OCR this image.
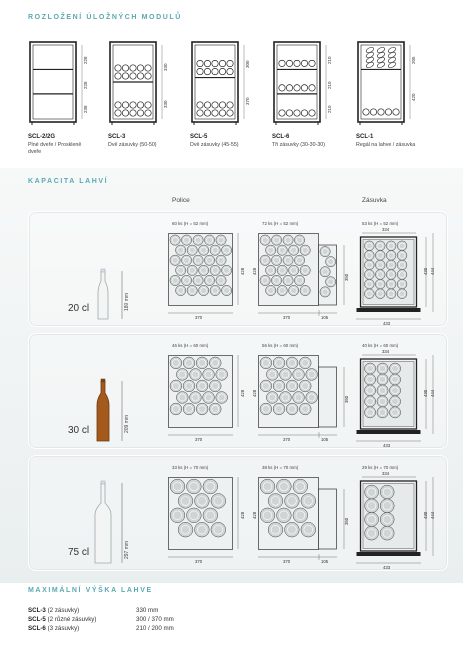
ROZLOŽENÍ ÚLOŽNÝCH MODULŮ
228
228
238
SCL-2/2G
Plné dveře / Proskleně
dveře
330
330
SCL-3
Dvě zásuvky (50-50)
300
370
SCL-5
Dvě zásuvky (45-55)
210
210
210
SCL-6
Tři zásuvky (30-30-30)
205
420
SCL-1
Regál na lahve / zásuvka
KAPACITA LAHVÍ
Police	Zásuvka
20 cl	180 mm
60 ks (H = 52 mm)	72 ks (H = 52 mm)	53 ks (H = 52 mm)
370
428
370	105
428
350
334
433
430 444
30 cl	209 mm
46 ks (H = 60 mm)	56 ks (H = 60 mm)	40 ks (H = 60 mm)
370
428
370	105
428
350
334
433
430 444
75 cl	297 mm
33 ks (H = 70 mm)	38 ks (H = 70 mm)	29 ks (H = 70 mm)
370
428
370	105
428
350
334
433
430 444
MAXIMÁLNÍ VÝŠKA LAHVE
SCL-3 (2 zásuvky)	330 mm
SCL-5 (2 různé zásuvky)	300 / 370 mm
SCL-6 (3 zásuvky)	210 / 200 mm
